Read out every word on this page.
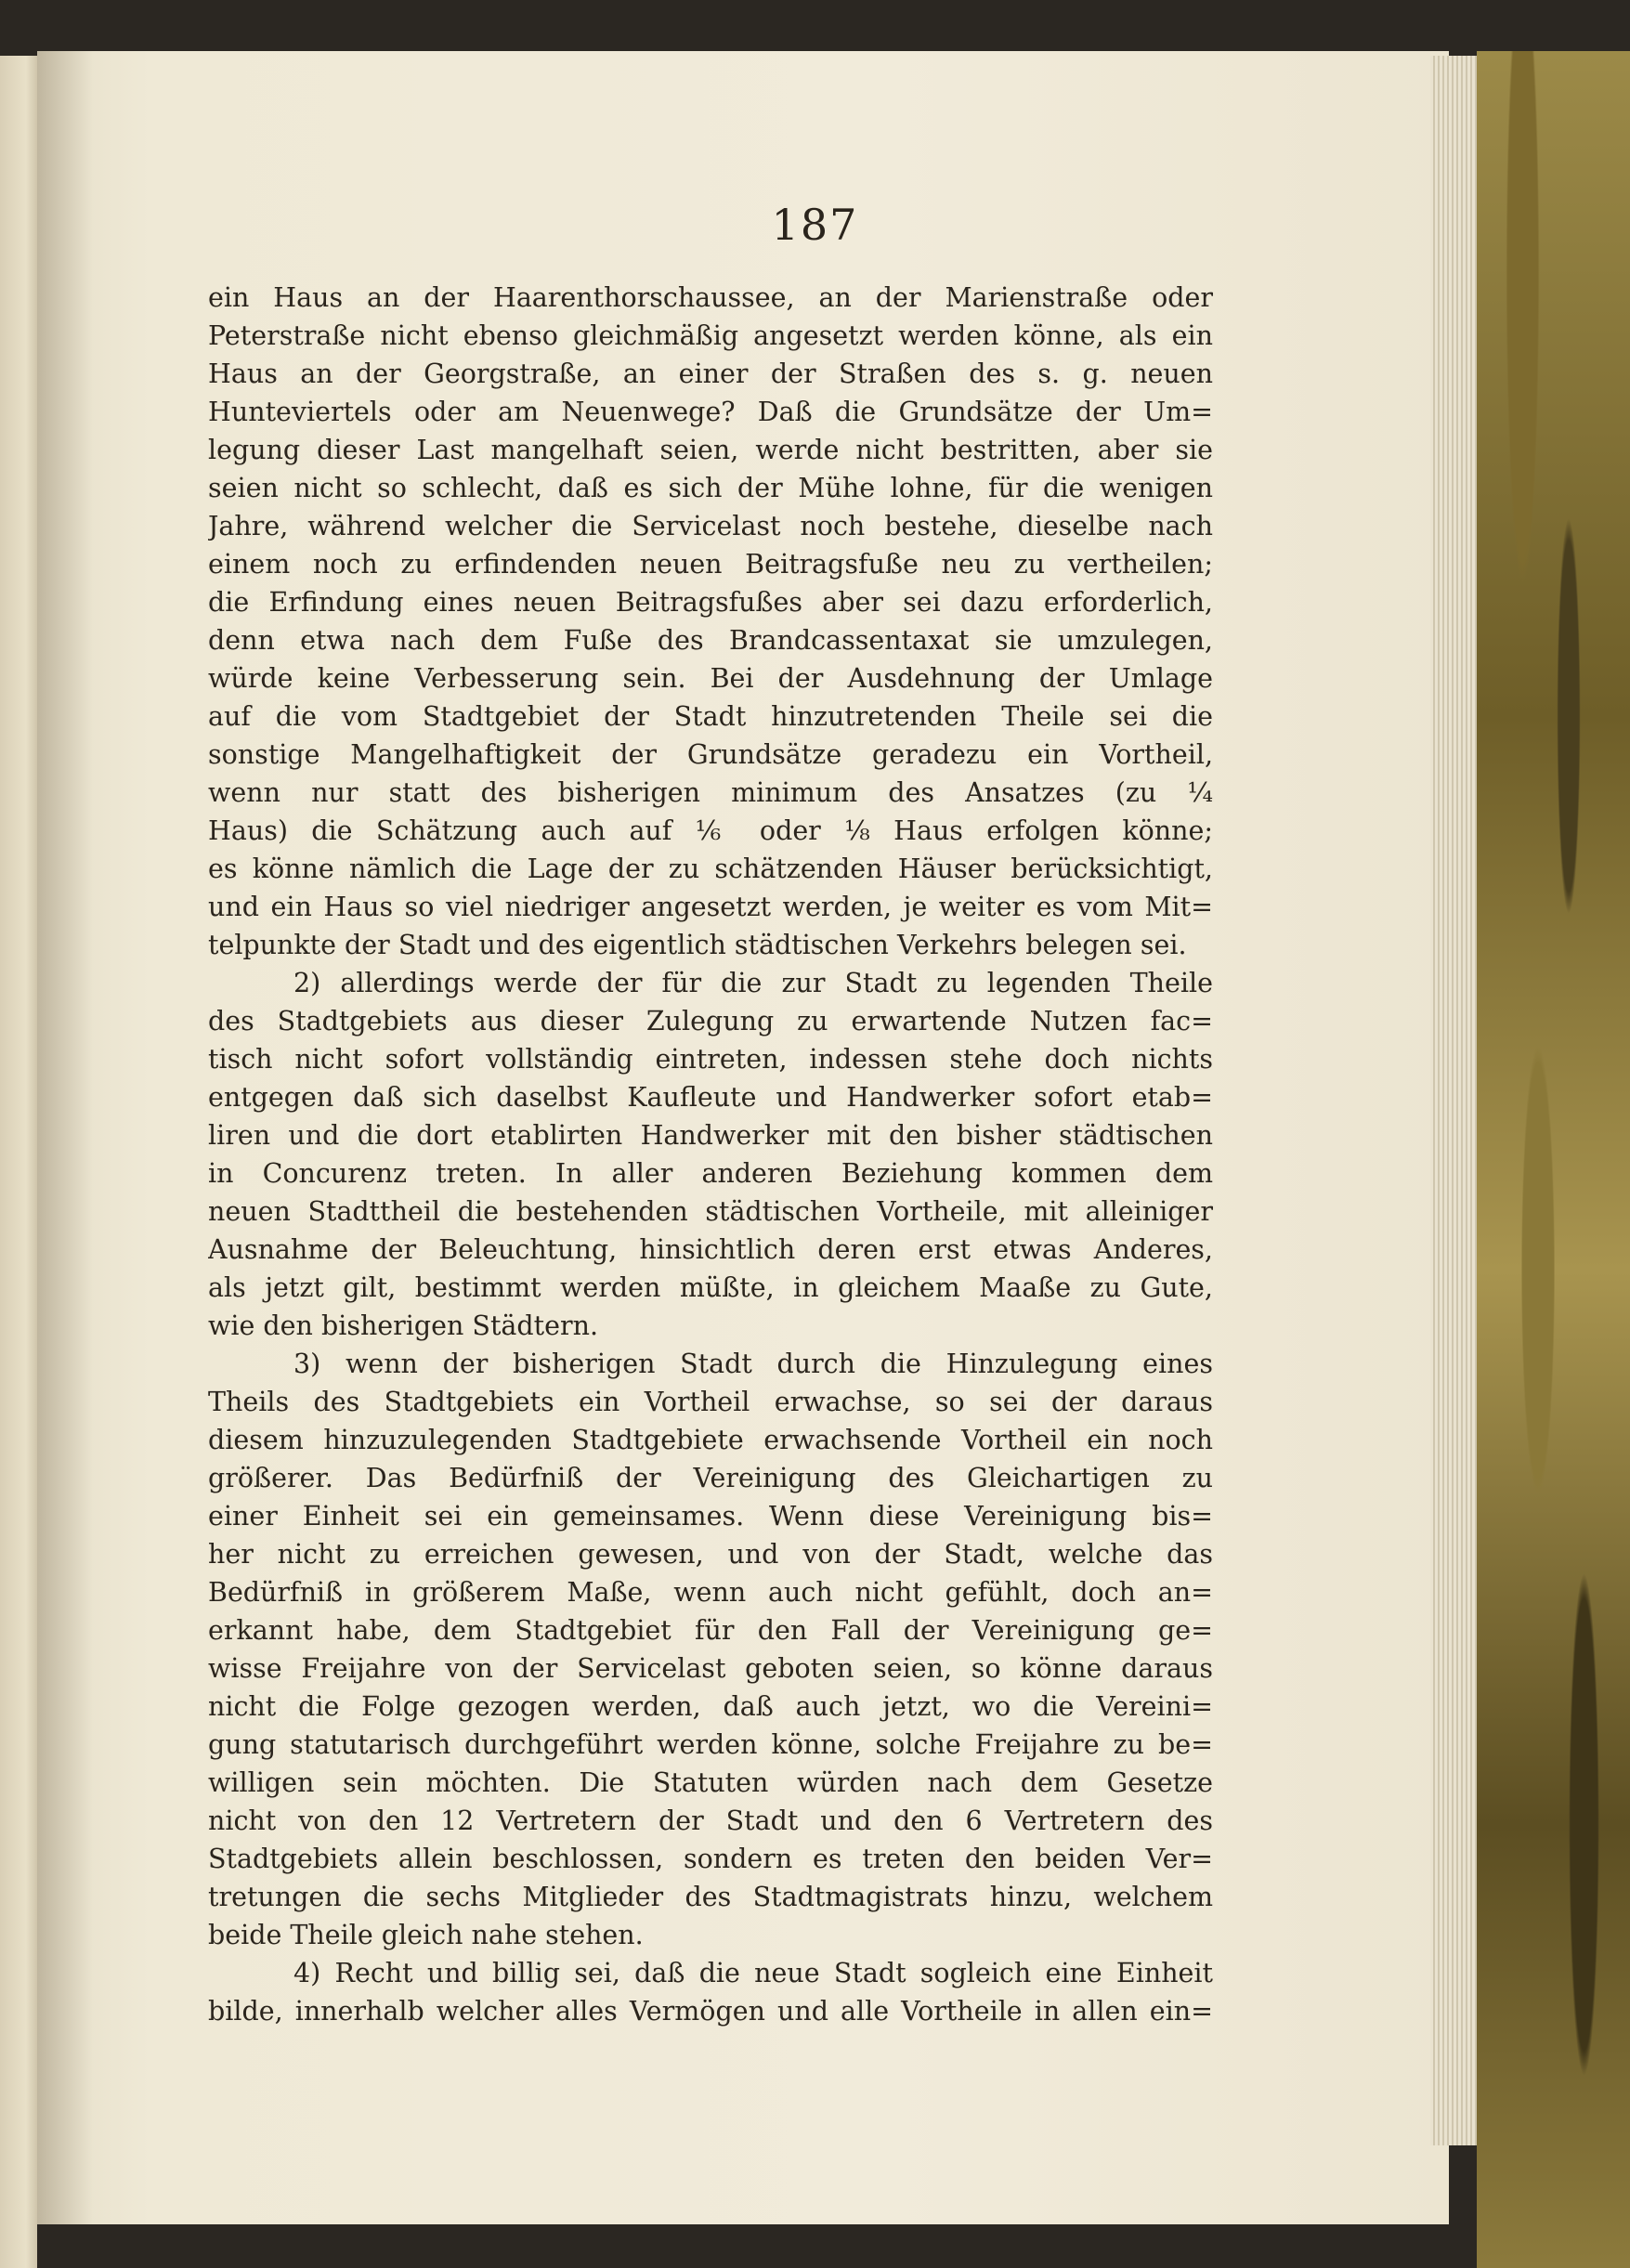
187
ein Haus an der Haarenthorschaussee, an der Marienstraße oder
Peterstraße nicht ebenso gleichmäßig angesetzt werden könne, als ein
Haus an der Georgstraße, an einer der Straßen des s. g. neuen
Hunteviertels oder am Neuenwege? Daß die Grundsätze der Um=
legung dieser Last mangelhaft seien, werde nicht bestritten, aber sie
seien nicht so schlecht, daß es sich der Mühe lohne, für die wenigen
Jahre, während welcher die Servicelast noch bestehe, dieselbe nach
einem noch zu erfindenden neuen Beitragsfuße neu zu vertheilen;
die Erfindung eines neuen Beitragsfußes aber sei dazu erforderlich,
denn etwa nach dem Fuße des Brandcassentaxat sie umzulegen,
würde keine Verbesserung sein. Bei der Ausdehnung der Umlage
auf die vom Stadtgebiet der Stadt hinzutretenden Theile sei die
sonstige Mangelhaftigkeit der Grundsätze geradezu ein Vortheil,
wenn nur statt des bisherigen minimum des Ansatzes (zu ¼
Haus) die Schätzung auch auf ⅙ oder ⅛ Haus erfolgen könne;
es könne nämlich die Lage der zu schätzenden Häuser berücksichtigt,
und ein Haus so viel niedriger angesetzt werden, je weiter es vom Mit=
telpunkte der Stadt und des eigentlich städtischen Verkehrs belegen sei.
2) allerdings werde der für die zur Stadt zu legenden Theile
des Stadtgebiets aus dieser Zulegung zu erwartende Nutzen fac=
tisch nicht sofort vollständig eintreten, indessen stehe doch nichts
entgegen daß sich daselbst Kaufleute und Handwerker sofort etab=
liren und die dort etablirten Handwerker mit den bisher städtischen
in Concurenz treten. In aller anderen Beziehung kommen dem
neuen Stadttheil die bestehenden städtischen Vortheile, mit alleiniger
Ausnahme der Beleuchtung, hinsichtlich deren erst etwas Anderes,
als jetzt gilt, bestimmt werden müßte, in gleichem Maaße zu Gute,
wie den bisherigen Städtern.
3) wenn der bisherigen Stadt durch die Hinzulegung eines
Theils des Stadtgebiets ein Vortheil erwachse, so sei der daraus
diesem hinzuzulegenden Stadtgebiete erwachsende Vortheil ein noch
größerer. Das Bedürfniß der Vereinigung des Gleichartigen zu
einer Einheit sei ein gemeinsames. Wenn diese Vereinigung bis=
her nicht zu erreichen gewesen, und von der Stadt, welche das
Bedürfniß in größerem Maße, wenn auch nicht gefühlt, doch an=
erkannt habe, dem Stadtgebiet für den Fall der Vereinigung ge=
wisse Freijahre von der Servicelast geboten seien, so könne daraus
nicht die Folge gezogen werden, daß auch jetzt, wo die Vereini=
gung statutarisch durchgeführt werden könne, solche Freijahre zu be=
willigen sein möchten. Die Statuten würden nach dem Gesetze
nicht von den 12 Vertretern der Stadt und den 6 Vertretern des
Stadtgebiets allein beschlossen, sondern es treten den beiden Ver=
tretungen die sechs Mitglieder des Stadtmagistrats hinzu, welchem
beide Theile gleich nahe stehen.
4) Recht und billig sei, daß die neue Stadt sogleich eine Einheit
bilde, innerhalb welcher alles Vermögen und alle Vortheile in allen ein=
